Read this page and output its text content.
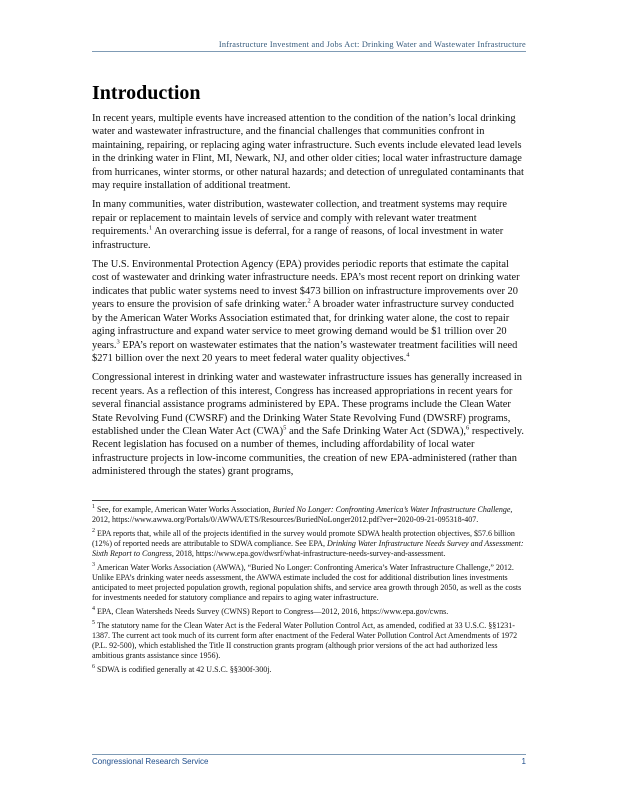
Infrastructure Investment and Jobs Act: Drinking Water and Wastewater Infrastructure
Introduction

In recent years, multiple events have increased attention to the condition of the nation’s local drinking water and wastewater infrastructure, and the financial challenges that communities confront in maintaining, repairing, or replacing aging water infrastructure. Such events include elevated lead levels in the drinking water in Flint, MI, Newark, NJ, and other older cities; local water infrastructure damage from hurricanes, winter storms, or other natural hazards; and detection of unregulated contaminants that may require installation of additional treatment.

In many communities, water distribution, wastewater collection, and treatment systems may require repair or replacement to maintain levels of service and comply with relevant water treatment requirements.$^1$ An overarching issue is deferral, for a range of reasons, of local investment in water infrastructure.

The U.S. Environmental Protection Agency (EPA) provides periodic reports that estimate the capital cost of wastewater and drinking water infrastructure needs. EPA’s most recent report on drinking water indicates that public water systems need to invest $473 billion on infrastructure improvements over 20 years to ensure the provision of safe drinking water.$^2$ A broader water infrastructure survey conducted by the American Water Works Association estimated that, for drinking water alone, the cost to repair aging infrastructure and expand water service to meet growing demand would be $1 trillion over 20 years.$^3$ EPA’s report on wastewater estimates that the nation’s wastewater treatment facilities will need $271 billion over the next 20 years to meet federal water quality objectives.$^4$

Congressional interest in drinking water and wastewater infrastructure issues has generally increased in recent years. As a reflection of this interest, Congress has increased appropriations in recent years for several financial assistance programs administered by EPA. These programs include the Clean Water State Revolving Fund (CWSRF) and the Drinking Water State Revolving Fund (DWSRF) programs, established under the Clean Water Act (CWA)$^5$ and the Safe Drinking Water Act (SDWA),$^6$ respectively. Recent legislation has focused on a number of themes, including affordability of local water infrastructure projects in low-income communities, the creation of new EPA-administered (rather than administered through the states) grant programs,

$^1$ See, for example, American Water Works Association, Buried No Longer: Confronting America’s Water Infrastructure Challenge, 2012, https://www.awwa.org/Portals/0/AWWA/ETS/Resources/BuriedNoLonger2012.pdf?ver=2020-09-21-095318-407.

$^2$ EPA reports that, while all of the projects identified in the survey would promote SDWA health protection objectives, $57.6 billion (12%) of reported needs are attributable to SDWA compliance. See EPA, Drinking Water Infrastructure Needs Survey and Assessment: Sixth Report to Congress, 2018, https://www.epa.gov/dwsrf/what-infrastructure-needs-survey-and-assessment.

$^3$ American Water Works Association (AWWA), “Buried No Longer: Confronting America’s Water Infrastructure Challenge,” 2012. Unlike EPA’s drinking water needs assessment, the AWWA estimate included the cost for additional distribution lines investments anticipated to meet projected population growth, regional population shifts, and service area growth through 2050, as well as the costs for investments needed for statutory compliance and repairs to aging water infrastructure.

$^4$ EPA, Clean Watersheds Needs Survey (CWNS) Report to Congress—2012, 2016, https://www.epa.gov/cwns.

$^5$ The statutory name for the Clean Water Act is the Federal Water Pollution Control Act, as amended, codified at 33 U.S.C. §§1231-1387. The current act took much of its current form after enactment of the Federal Water Pollution Control Act Amendments of 1972 (P.L. 92-500), which established the Title II construction grants program (although prior versions of the act had authorized less ambitious grants assistance since 1956).

$^6$ SDWA is codified generally at 42 U.S.C. §§300f-300j.

Congressional Research Service	1
